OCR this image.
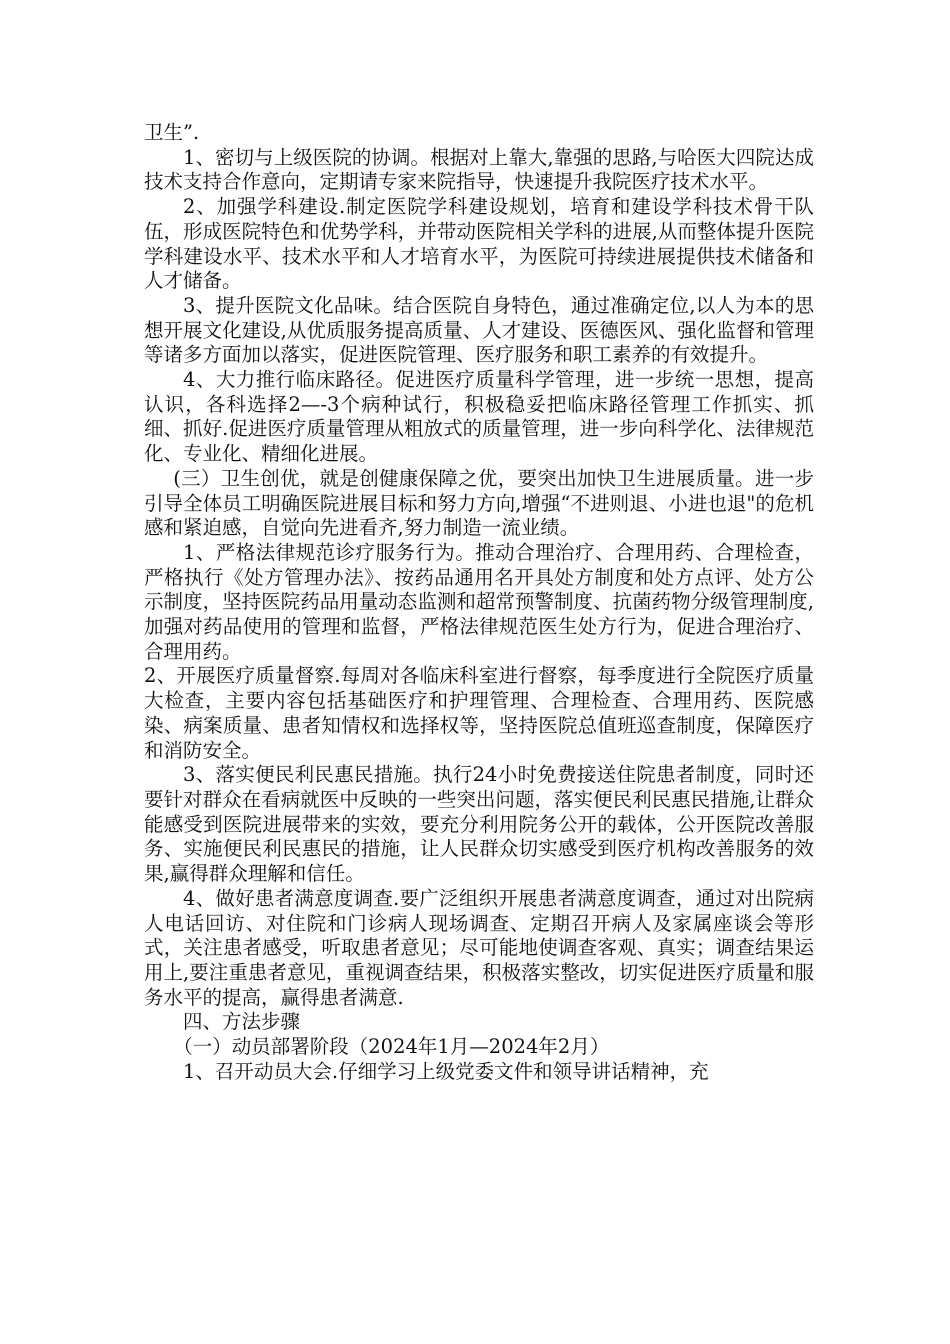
卫生”.

1、密切与上级医院的协调。根据对上靠大,靠强的思路,与哈医大四院达成技术支持合作意向，定期请专家来院指导，快速提升我院医疗技术水平。

2、加强学科建设.制定医院学科建设规划，培育和建设学科技术骨干队伍，形成医院特色和优势学科，并带动医院相关学科的进展,从而整体提升医院学科建设水平、技术水平和人才培育水平，为医院可持续进展提供技术储备和人才储备。

3、提升医院文化品味。结合医院自身特色，通过准确定位,以人为本的思想开展文化建设,从优质服务提高质量、人才建设、医德医风、强化监督和管理等诸多方面加以落实，促进医院管理、医疗服务和职工素养的有效提升。

4、大力推行临床路径。促进医疗质量科学管理，进一步统一思想，提高认识，各科选择2—-3个病种试行，积极稳妥把临床路径管理工作抓实、抓细、抓好.促进医疗质量管理从粗放式的质量管理，进一步向科学化、法律规范化、专业化、精细化进展。

(三）卫生创优，就是创健康保障之优，要突出加快卫生进展质量。进一步引导全体员工明确医院进展目标和努力方向,增强“不进则退、小进也退"的危机感和紧迫感，自觉向先进看齐,努力制造一流业绩。

1、严格法律规范诊疗服务行为。推动合理治疗、合理用药、合理检查，严格执行《处方管理办法》、按药品通用名开具处方制度和处方点评、处方公示制度，坚持医院药品用量动态监测和超常预警制度、抗菌药物分级管理制度,加强对药品使用的管理和监督，严格法律规范医生处方行为，促进合理治疗、合理用药。

2、开展医疗质量督察.每周对各临床科室进行督察，每季度进行全院医疗质量大检查，主要内容包括基础医疗和护理管理、合理检查、合理用药、医院感染、病案质量、患者知情权和选择权等，坚持医院总值班巡查制度，保障医疗和消防安全。

3、落实便民利民惠民措施。执行24小时免费接送住院患者制度，同时还要针对群众在看病就医中反映的一些突出问题，落实便民利民惠民措施,让群众能感受到医院进展带来的实效，要充分利用院务公开的载体，公开医院改善服务、实施便民利民惠民的措施，让人民群众切实感受到医疗机构改善服务的效果,赢得群众理解和信任。

4、做好患者满意度调查.要广泛组织开展患者满意度调查，通过对出院病人电话回访、对住院和门诊病人现场调查、定期召开病人及家属座谈会等形式，关注患者感受，听取患者意见；尽可能地使调查客观、真实；调查结果运用上,要注重患者意见，重视调查结果，积极落实整改，切实促进医疗质量和服务水平的提高，赢得患者满意.

四、方法步骤

（一）动员部署阶段（2024年1月—2024年2月）

1、召开动员大会.仔细学习上级党委文件和领导讲话精神，充
